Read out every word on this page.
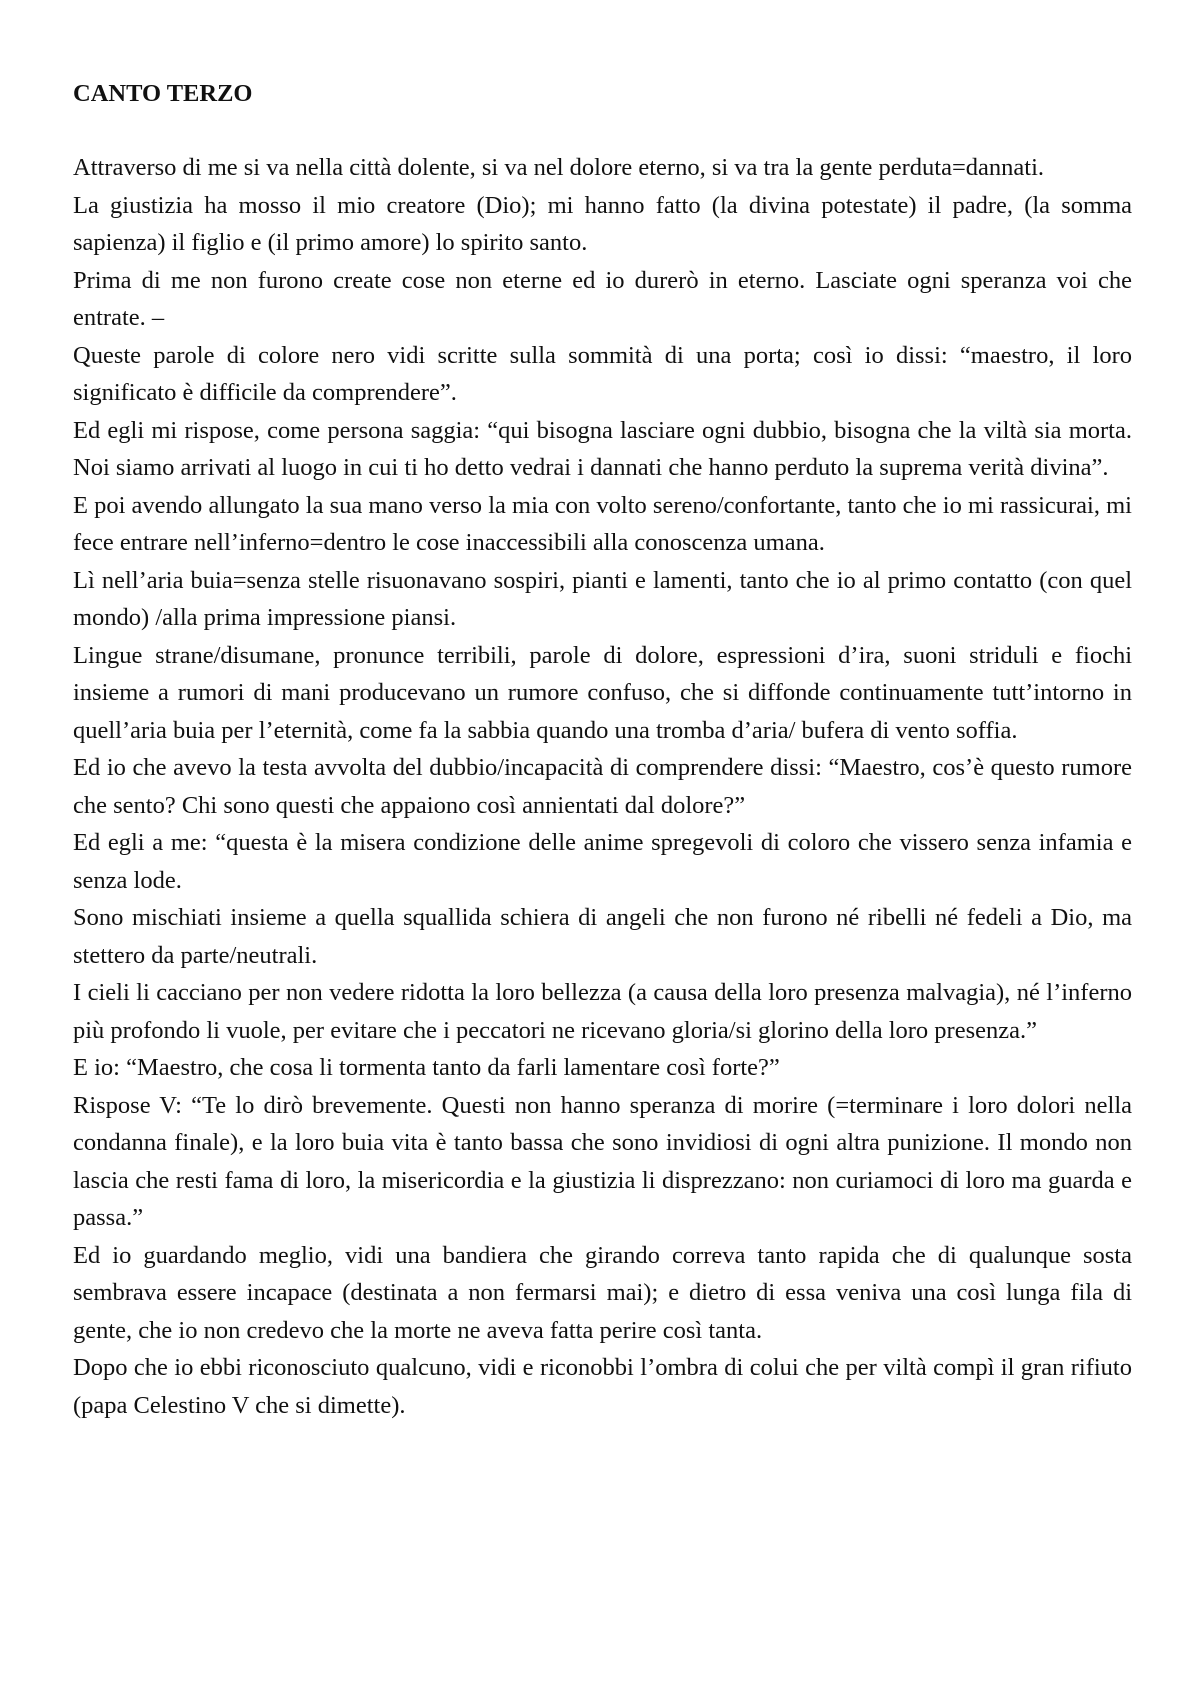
CANTO TERZO

Attraverso di me si va nella città dolente, si va nel dolore eterno, si va tra la gente perduta=dannati.

La giustizia ha mosso il mio creatore (Dio); mi hanno fatto (la divina potestate) il padre, (la somma sapienza) il figlio e (il primo amore) lo spirito santo.

Prima di me non furono create cose non eterne ed io durerò in eterno. Lasciate ogni speranza voi che entrate. –

Queste parole di colore nero vidi scritte sulla sommità di una porta; così io dissi: “maestro, il loro significato è difficile da comprendere”.

Ed egli mi rispose, come persona saggia: “qui bisogna lasciare ogni dubbio, bisogna che la viltà sia morta. Noi siamo arrivati al luogo in cui ti ho detto vedrai i dannati che hanno perduto la suprema verità divina”.

E poi avendo allungato la sua mano verso la mia con volto sereno/confortante, tanto che io mi rassicurai, mi fece entrare nell’inferno=dentro le cose inaccessibili alla conoscenza umana.

Lì nell’aria buia=senza stelle risuonavano sospiri, pianti e lamenti, tanto che io al primo contatto (con quel mondo) /alla prima impressione piansi.

Lingue strane/disumane, pronunce terribili, parole di dolore, espressioni d’ira, suoni striduli e fiochi insieme a rumori di mani producevano un rumore confuso, che si diffonde continuamente tutt’intorno in quell’aria buia per l’eternità, come fa la sabbia quando una tromba d’aria/ bufera di vento soffia.

Ed io che avevo la testa avvolta del dubbio/incapacità di comprendere dissi: “Maestro, cos’è questo rumore che sento? Chi sono questi che appaiono così annientati dal dolore?”

Ed egli a me: “questa è la misera condizione delle anime spregevoli di coloro che vissero senza infamia e senza lode.

Sono mischiati insieme a quella squallida schiera di angeli che non furono né ribelli né fedeli a Dio, ma stettero da parte/neutrali.

I cieli li cacciano per non vedere ridotta la loro bellezza (a causa della loro presenza malvagia), né l’inferno più profondo li vuole, per evitare che i peccatori ne ricevano gloria/si glorino della loro presenza.”

E io: “Maestro, che cosa li tormenta tanto da farli lamentare così forte?”

Rispose V: “Te lo dirò brevemente. Questi non hanno speranza di morire (=terminare i loro dolori nella condanna finale), e la loro buia vita è tanto bassa che sono invidiosi di ogni altra punizione. Il mondo non lascia che resti fama di loro, la misericordia e la giustizia li disprezzano: non curiamoci di loro ma guarda e passa.”

Ed io guardando meglio, vidi una bandiera che girando correva tanto rapida che di qualunque sosta sembrava essere incapace (destinata a non fermarsi mai); e dietro di essa veniva una così lunga fila di gente, che io non credevo che la morte ne aveva fatta perire così tanta.

Dopo che io ebbi riconosciuto qualcuno, vidi e riconobbi l’ombra di colui che per viltà compì il gran rifiuto (papa Celestino V che si dimette).
